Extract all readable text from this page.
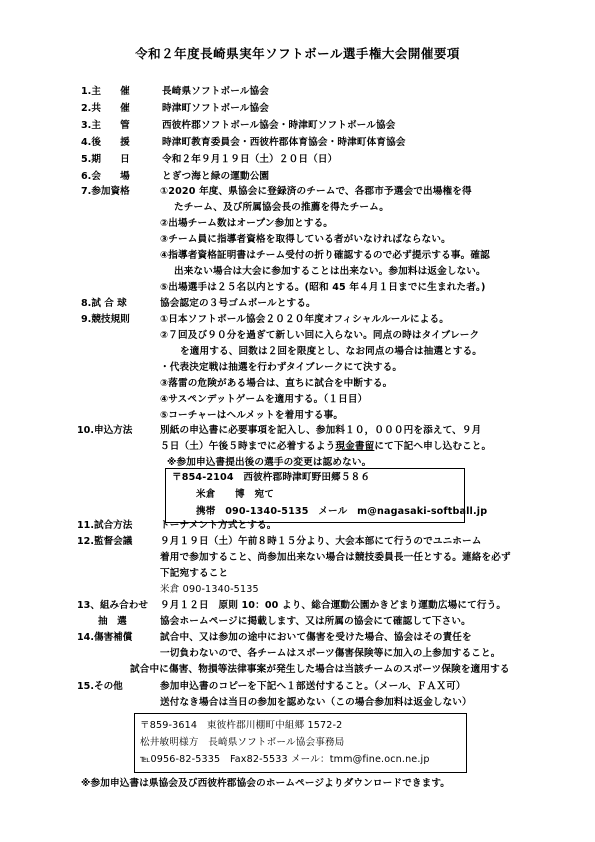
令和２年度長崎県実年ソフトボール選手権大会開催要項
1.主　　催	長崎県ソフトボール協会
2.共　　催	時津町ソフトボール協会
3.主　　管	西彼杵郡ソフトボール協会・時津町ソフトボール協会
4.後　　援	時津町教育委員会・西彼杵郡体育協会・時津町体育協会
5.期　　日	令和２年９月１９日（土）２０日（日）
6.会　　場	とぎつ海と緑の運動公園
7.参加資格	①2020 年度、県協会に登録済のチームで、各郡市予選会で出場権を得
たチーム、及び所属協会長の推薦を得たチーム。
②出場チーム数はオープン参加とする。
③チーム員に指導者資格を取得している者がいなければならない。
④指導者資格証明書はチーム受付の折り確認するので必ず提示する事。確認
出来ない場合は大会に参加することは出来ない。参加料は返金しない。
⑤出場選手は２５名以内とする。(昭和 45 年４月１日までに生まれた者。)
8.試 合 球	協会認定の３号ゴムボールとする。
9.競技規則	①日本ソフトボール協会２０２０年度オフィシャルルールによる。
②７回及び９０分を過ぎて新しい回に入らない。同点の時はタイブレーク
を適用する、回数は２回を限度とし、なお同点の場合は抽選とする。
・代表決定戦は抽選を行わずタイブレークにて決する。
③落雷の危険がある場合は、直ちに試合を中断する。
④サスペンデットゲームを適用する。（１日目）
⑤コーチャーはヘルメットを着用する事。
10.申込方法	別紙の申込書に必要事項を記入し、参加料１０，０００円を添えて、９月
５日（土）午後５時までに必着するよう現金書留にて下記へ申し込むこと。
※参加申込書提出後の選手の変更は認めない。
〒854-2104　西彼杵郡時津町野田郷５８６
米倉　　博　宛て
携帯　090-1340-5135　メール　m@nagasaki-softball.jp
11.試合方法	トーナメント方式とする。
12.監督会議	９月１９日（土）午前８時１５分より、大会本部にて行うのでユニホーム
着用で参加すること、尚参加出来ない場合は競技委員長一任とする。連絡を必ず
下記宛すること
米倉 090-1340-5135
13、組み合わせ ９月１２日　原則 10：00 より、総合運動公園かきどまり運動広場にて行う。
抽　選	協会ホームページに掲載します、又は所属の協会にて確認して下さい。
14.傷害補償	試合中、又は参加の途中において傷害を受けた場合、協会はその責任を
一切負わないので、各チームはスポーツ傷害保険等に加入の上参加すること。
試合中に傷害、物損等法律事案が発生した場合は当該チームのスポーツ保険を適用する
15.その他	参加申込書のコピーを下記へ１部送付すること。（メール、ＦＡＸ可）
送付なき場合は当日の参加を認めない（この場合参加料は返金しない）
〒859-3614　東彼杵郡川棚町中組郷 1572-2
松井敏明様方　長崎県ソフトボール協会事務局
℡0956-82-5335　Fax82-5533 メール：tmm@fine.ocn.ne.jp
※参加申込書は県協会及び西彼杵郡協会のホームページよりダウンロードできます。
